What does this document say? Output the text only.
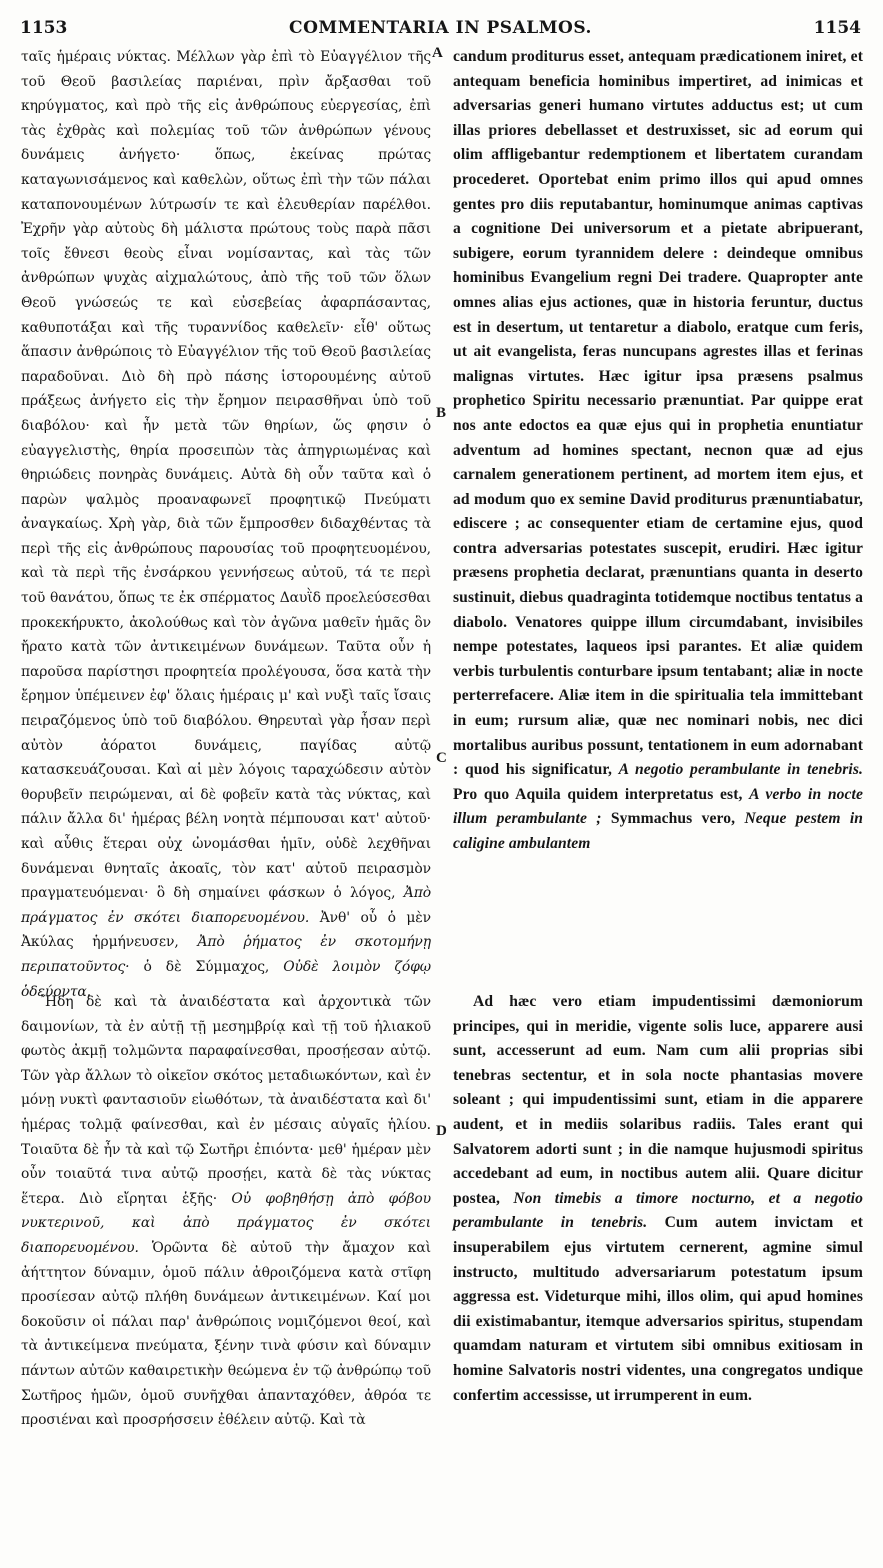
1153	COMMENTARIA IN PSALMOS.	1154
A
B
C
D

ταῖς ἡμέραις νύκτας. Μέλλων γὰρ ἐπὶ τὸ Εὐαγγέλιον τῆς τοῦ Θεοῦ βασιλείας παριέναι, πρὶν ἄρξασθαι τοῦ κηρύγματος, καὶ πρὸ τῆς εἰς ἀνθρώπους εὐεργεσίας, ἐπὶ τὰς ἐχθρὰς καὶ πολεμίας τοῦ τῶν ἀνθρώπων γένους δυνάμεις ἀνήγετο· ὅπως, ἐκείνας πρώτας καταγωνισάμενος καὶ καθελὼν, οὕτως ἐπὶ τὴν τῶν πάλαι καταπονουμένων λύτρωσίν τε καὶ ἐλευθερίαν παρέλθοι. Ἐχρῆν γὰρ αὐτοὺς δὴ μάλιστα πρώτους τοὺς παρὰ πᾶσι τοῖς ἔθνεσι θεοὺς εἶναι νομίσαντας, καὶ τὰς τῶν ἀνθρώπων ψυχὰς αἰχμαλώτους, ἀπὸ τῆς τοῦ τῶν ὅλων Θεοῦ γνώσεώς τε καὶ εὐσεβείας ἀφαρπάσαντας, καθυποτάξαι καὶ τῆς τυραννίδος καθελεῖν· εἶθ' οὕτως ἅπασιν ἀνθρώποις τὸ Εὐαγγέλιον τῆς τοῦ Θεοῦ βασιλείας παραδοῦναι. Διὸ δὴ πρὸ πάσης ἱστορουμένης αὐτοῦ πράξεως ἀνήγετο εἰς τὴν ἔρημον πειρασθῆναι ὑπὸ τοῦ διαβόλου· καὶ ἦν μετὰ τῶν θηρίων, ὥς φησιν ὁ εὐαγγελιστὴς, θηρία προσειπὼν τὰς ἀπηγριωμένας καὶ θηριώδεις πονηρὰς δυνάμεις. Αὐτὰ δὴ οὖν ταῦτα καὶ ὁ παρὼν ψαλμὸς προαναφωνεῖ προφητικῷ Πνεύματι ἀναγκαίως. Χρὴ γὰρ, διὰ τῶν ἔμπροσθεν διδαχθέντας τὰ περὶ τῆς εἰς ἀνθρώπους παρουσίας τοῦ προφητευομένου, καὶ τὰ περὶ τῆς ἐνσάρκου γεννήσεως αὐτοῦ, τά τε περὶ τοῦ θανάτου, ὅπως τε ἐκ σπέρματος Δαυῒδ προελεύσεσθαι προκεκήρυκτο, ἀκολούθως καὶ τὸν ἀγῶνα μαθεῖν ἡμᾶς ὃν ἤρατο κατὰ τῶν ἀντικειμένων δυνάμεων. Ταῦτα οὖν ἡ παροῦσα παρίστησι προφητεία προλέγουσα, ὅσα κατὰ τὴν ἔρημον ὑπέμεινεν ἐφ' ὅλαις ἡμέραις μ' καὶ νυξὶ ταῖς ἴσαις πειραζόμενος ὑπὸ τοῦ διαβόλου. Θηρευταὶ γὰρ ἦσαν περὶ αὐτὸν ἀόρατοι δυνάμεις, παγίδας αὐτῷ κατασκευάζουσαι. Καὶ αἱ μὲν λόγοις ταραχώδεσιν αὐτὸν θορυβεῖν πειρώμεναι, αἱ δὲ φοβεῖν κατὰ τὰς νύκτας, καὶ πάλιν ἄλλα δι' ἡμέρας βέλη νοητὰ πέμπουσαι κατ' αὐτοῦ· καὶ αὖθις ἕτεραι οὐχ ὠνομάσθαι ἡμῖν, οὐδὲ λεχθῆναι δυνάμεναι θνηταῖς ἀκοαῖς, τὸν κατ' αὐτοῦ πειρασμὸν πραγματευόμεναι· ὃ δὴ σημαίνει φάσκων ὁ λόγος, Ἀπὸ πράγματος ἐν σκότει διαπορευομένου. Ἀνθ' οὗ ὁ μὲν Ἀκύλας ἡρμήνευσεν, Ἀπὸ ῥήματος ἐν σκοτομήνῃ περιπατοῦντος· ὁ δὲ Σύμμαχος, Οὐδὲ λοιμὸν ζόφῳ ὁδεύοντα.

candum proditurus esset, antequam prædicationem iniret, et antequam beneficia hominibus impertiret, ad inimicas et adversarias generi humano virtutes adductus est; ut cum illas priores debellasset et destruxisset, sic ad eorum qui olim affligebantur redemptionem et libertatem curandam procederet. Oportebat enim primo illos qui apud omnes gentes pro diis reputabantur, hominumque animas captivas a cognitione Dei universorum et a pietate abripuerant, subigere, eorum tyrannidem delere : deindeque omnibus hominibus Evangelium regni Dei tradere. Quapropter ante omnes alias ejus actiones, quæ in historia feruntur, ductus est in desertum, ut tentaretur a diabolo, eratque cum feris, ut ait evangelista, feras nuncupans agrestes illas et ferinas malignas virtutes. Hæc igitur ipsa præsens psalmus prophetico Spiritu necessario prænuntiat. Par quippe erat nos ante edoctos ea quæ ejus qui in prophetia enuntiatur adventum ad homines spectant, necnon quæ ad ejus carnalem generationem pertinent, ad mortem item ejus, et ad modum quo ex semine David proditurus prænuntiabatur, ediscere ; ac consequenter etiam de certamine ejus, quod contra adversarias potestates suscepit, erudiri. Hæc igitur præsens prophetia declarat, prænuntians quanta in deserto sustinuit, diebus quadraginta totidemque noctibus tentatus a diabolo. Venatores quippe illum circumdabant, invisibiles nempe potestates, laqueos ipsi parantes. Et aliæ quidem verbis turbulentis conturbare ipsum tentabant; aliæ in nocte perterrefacere. Aliæ item in die spiritualia tela immittebant in eum; rursum aliæ, quæ nec nominari nobis, nec dici mortalibus auribus possunt, tentationem in eum adornabant : quod his significatur, A negotio perambulante in tenebris. Pro quo Aquila quidem interpretatus est, A verbo in nocte illum perambulante ; Symmachus vero, Neque pestem in caligine ambulantem

Ἤδη δὲ καὶ τὰ ἀναιδέστατα καὶ ἀρχοντικὰ τῶν δαιμονίων, τὰ ἐν αὐτῇ τῇ μεσημβρίᾳ καὶ τῇ τοῦ ἡλιακοῦ φωτὸς ἀκμῇ τολμῶντα παραφαίνεσθαι, προσῄεσαν αὐτῷ. Τῶν γὰρ ἄλλων τὸ οἰκεῖον σκότος μεταδιωκόντων, καὶ ἐν μόνῃ νυκτὶ φαντασιοῦν εἰωθότων, τὰ ἀναιδέστατα καὶ δι' ἡμέρας τολμᾷ φαίνεσθαι, καὶ ἐν μέσαις αὐγαῖς ἡλίου. Τοιαῦτα δὲ ἦν τὰ καὶ τῷ Σωτῆρι ἐπιόντα· μεθ' ἡμέραν μὲν οὖν τοιαῦτά τινα αὐτῷ προσῄει, κατὰ δὲ τὰς νύκτας ἕτερα. Διὸ εἴρηται ἑξῆς· Οὐ φοβηθήσῃ ἀπὸ φόβου νυκτερινοῦ, καὶ ἀπὸ πράγματος ἐν σκότει διαπορευομένου. Ὁρῶντα δὲ αὐτοῦ τὴν ἄμαχον καὶ ἀήττητον δύναμιν, ὁμοῦ πάλιν ἀθροιζόμενα κατὰ στῖφη προσίεσαν αὐτῷ πλήθη δυνάμεων ἀντικειμένων. Καί μοι δοκοῦσιν οἱ πάλαι παρ' ἀνθρώποις νομιζόμενοι θεοί, καὶ τὰ ἀντικείμενα πνεύματα, ξένην τινὰ φύσιν καὶ δύναμιν πάντων αὐτῶν καθαιρετικὴν θεώμενα ἐν τῷ ἀνθρώπῳ τοῦ Σωτῆρος ἡμῶν, ὁμοῦ συνῆχθαι ἁπανταχόθεν, ἀθρόα τε προσιέναι καὶ προσρήσσειν ἐθέλειν αὐτῷ. Καὶ τὰ

Ad hæc vero etiam impudentissimi dæmoniorum principes, qui in meridie, vigente solis luce, apparere ausi sunt, accesserunt ad eum. Nam cum alii proprias sibi tenebras sectentur, et in sola nocte phantasias movere soleant ; qui impudentissimi sunt, etiam in die apparere audent, et in mediis solaribus radiis. Tales erant qui Salvatorem adorti sunt ; in die namque hujusmodi spiritus accedebant ad eum, in noctibus autem alii. Quare dicitur postea, Non timebis a timore nocturno, et a negotio perambulante in tenebris. Cum autem invictam et insuperabilem ejus virtutem cernerent, agmine simul instructo, multitudo adversariarum potestatum ipsum aggressa est. Videturque mihi, illos olim, qui apud homines dii existimabantur, itemque adversarios spiritus, stupendam quamdam naturam et virtutem sibi omnibus exitiosam in homine Salvatoris nostri videntes, una congregatos undique confertim accessisse, ut irrumperent in eum.
